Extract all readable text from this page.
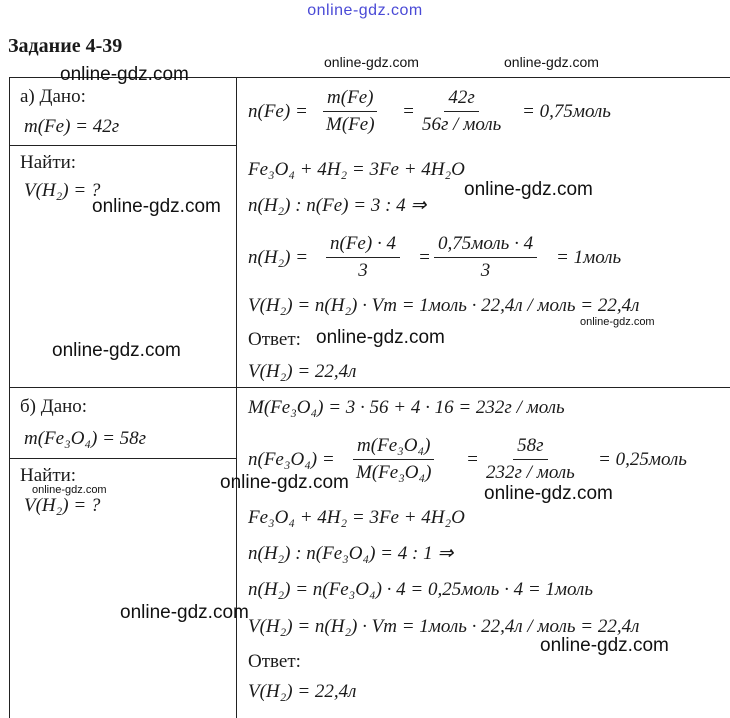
online-gdz.com
Задание 4-39
а) Дано:
m(Fe) = 42г
Найти:
V(H₂) = ?
$n(Fe) = \frac{m(Fe)}{M(Fe)}$ =
42г
56г / моль
= 0,75моль
Fe₃O₄ + 4H₂ = 3Fe + 4H₂O
n(H₂) : n(Fe) = 3 : 4 ⇒
$n(H_2) = \frac{n(Fe) \cdot 4}{3}$ =
0,75моль · 4
3
= 1моль
V(H₂) = n(H₂) · Vm = 1моль · 22,4л / моль = 22,4л
Ответ:
V(H₂) = 22,4л
б) Дано:
m(Fe₃O₄) = 58г
Найти:
V(H₂) = ?
M(Fe₃O₄) = 3 · 56 + 4 · 16 = 232г / моль
$n(Fe_3O_4) = \frac{\text{m(Fe₃O₄)}}{\text{M(Fe₃O₄)}}$ =
58г
232г / моль
= 0,25моль
Fe₃O₄ + 4H₂ = 3Fe + 4H₂O
n(H₂) : n(Fe₃O₄) = 4 : 1 ⇒
n(H₂) = n(Fe₃O₄) · 4 = 0,25моль · 4 = 1моль
V(H₂) = n(H₂) · Vm = 1моль · 22,4л / моль = 22,4л
Ответ:
V(H₂) = 22,4л
online-gdz.com
online-gdz.com	online-gdz.com
online-gdz.com
online-gdz.com
online-gdz.com
online-gdz.com
online-gdz.com
online-gdz.com
online-gdz.com	online-gdz.com
online-gdz.com
online-gdz.com
